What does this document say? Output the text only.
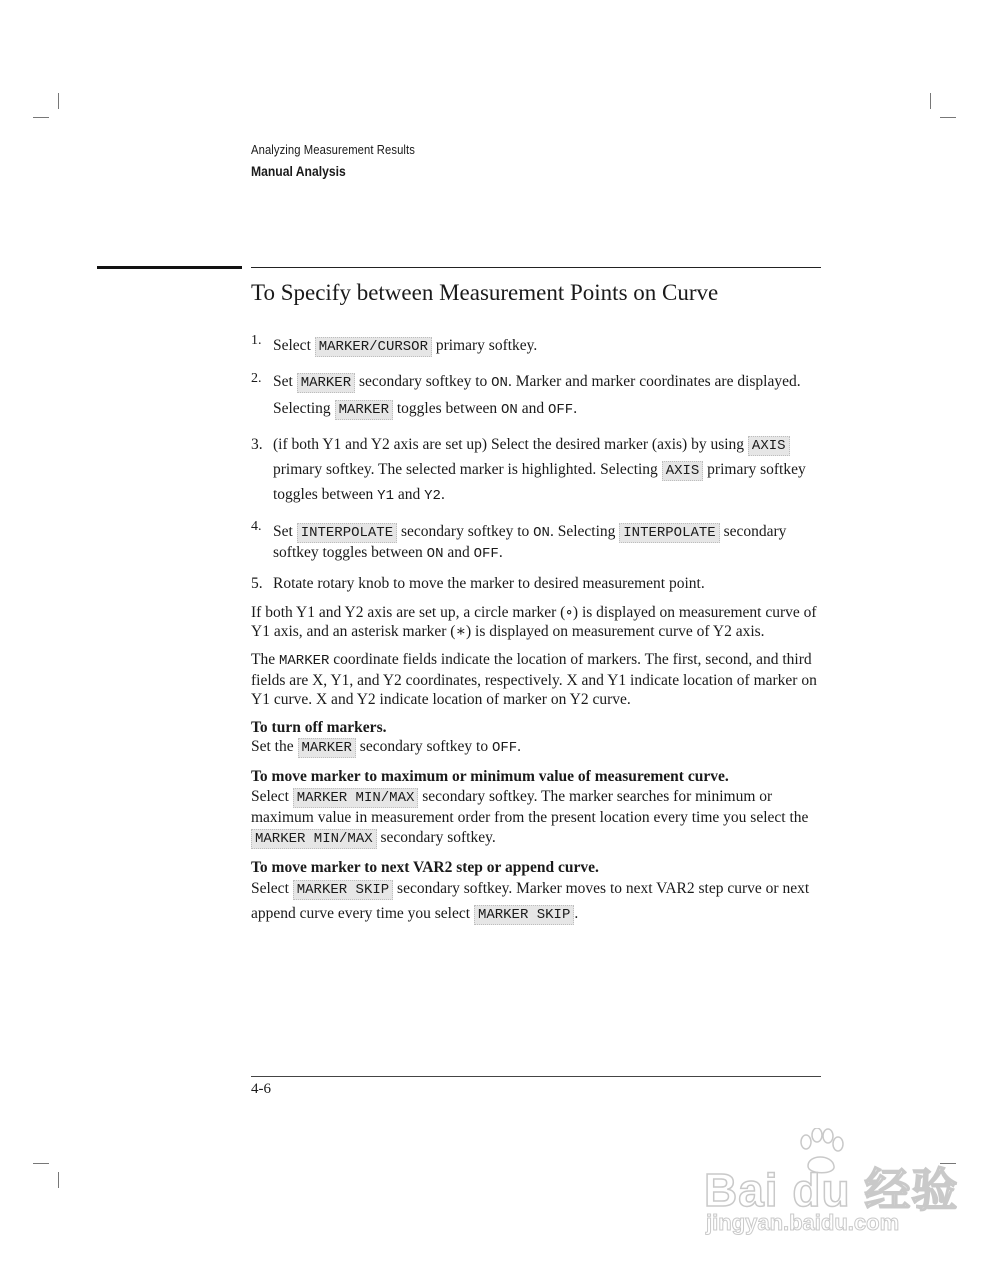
Analyzing Measurement Results
Manual Analysis
To Specify between Measurement Points on Curve
1. Select MARKER/CURSOR primary softkey.
2. Set MARKER secondary softkey to ON. Marker and marker coordinates are displayed. Selecting MARKER toggles between ON and OFF.
3. (if both Y1 and Y2 axis are set up) Select the desired marker (axis) by using AXIS primary softkey. The selected marker is highlighted. Selecting AXIS primary softkey toggles between Y1 and Y2.
4. Set INTERPOLATE secondary softkey to ON. Selecting INTERPOLATE secondary softkey toggles between ON and OFF.
5. Rotate rotary knob to move the marker to desired measurement point.

If both Y1 and Y2 axis are set up, a circle marker (∘) is displayed on measurement curve of Y1 axis, and an asterisk marker (∗) is displayed on measurement curve of Y2 axis.

The MARKER coordinate fields indicate the location of markers. The first, second, and third fields are X, Y1, and Y2 coordinates, respectively. X and Y1 indicate location of marker on Y1 curve. X and Y2 indicate location of marker on Y2 curve.

To turn off markers.
Set the MARKER secondary softkey to OFF.
To move marker to maximum or minimum value of measurement curve.
Select MARKER MIN/MAX secondary softkey. The marker searches for minimum or maximum value in measurement order from the present location every time you select the MARKER MIN/MAX secondary softkey.
To move marker to next VAR2 step or append curve.
Select MARKER SKIP secondary softkey. Marker moves to next VAR2 step curve or next append curve every time you select MARKER SKIP .
4-6
Bai du 经验
jingyan.baidu.com
